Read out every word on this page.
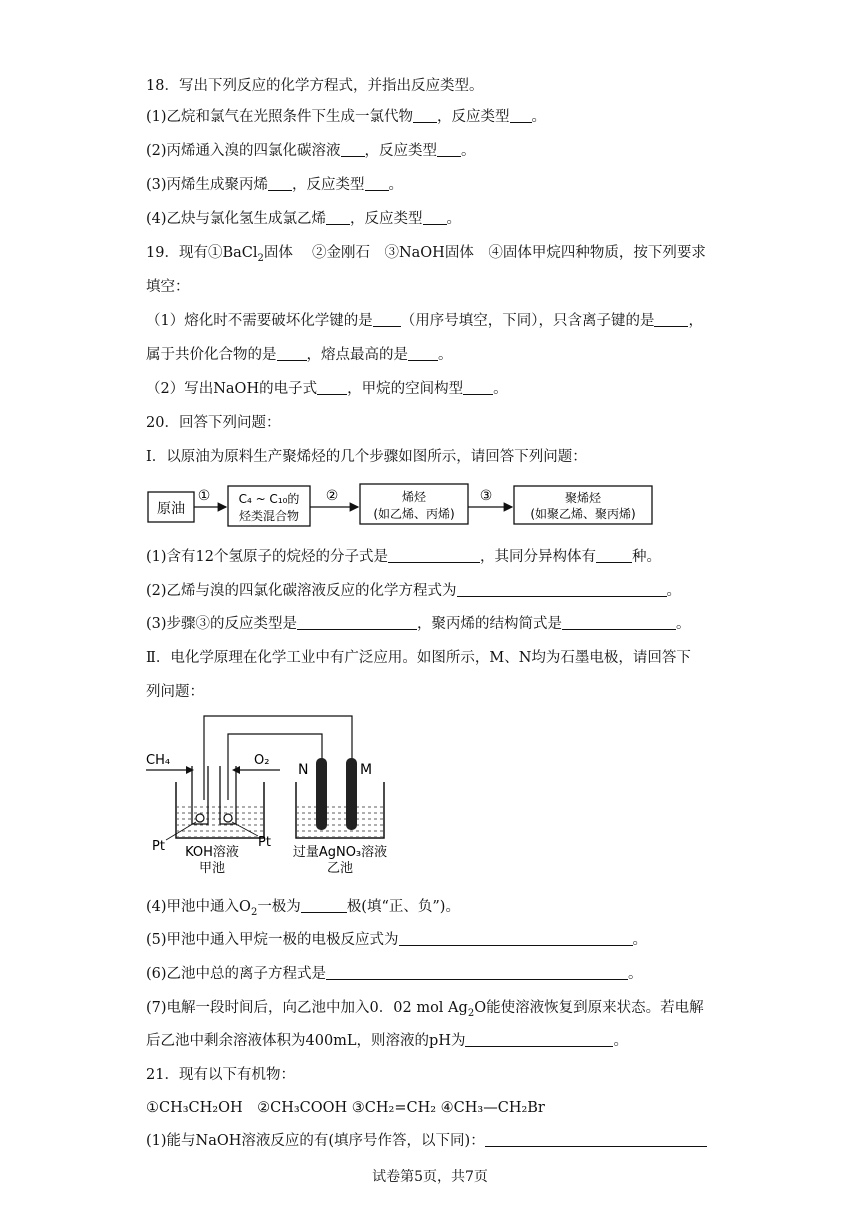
18．写出下列反应的化学方程式，并指出反应类型。
(1)乙烷和氯气在光照条件下生成一氯代物 ，反应类型 。
(2)丙烯通入溴的四氯化碳溶液 ，反应类型 。
(3)丙烯生成聚丙烯 ，反应类型 。
(4)乙炔与氯化氢生成氯乙烯 ，反应类型 。
19．现有①BaCl$_2$固体　 ②金刚石　③NaOH固体　④固体甲烷四种物质，按下列要求
填空：
（1）熔化时不需要破坏化学键的是 （用序号填空，下同），只含离子键的是 ，
属于共价化合物的是 ，熔点最高的是 。
（2）写出NaOH的电子式 ，甲烷的空间构型 。
20．回答下列问题：
Ⅰ．以原油为原料生产聚烯烃的几个步骤如图所示，请回答下列问题：
原油
① C₄ ~ C₁₀的
烃类混合物
②	烯烃
(如乙烯、丙烯)
③	聚烯烃
(如聚乙烯、聚丙烯)
(1)含有12个氢原子的烷烃的分子式是	，其同分异构体有 种。
(2)乙烯与溴的四氯化碳溶液反应的化学方程式为	。
(3)步骤③的反应类型是	，聚丙烯的结构简式是	。
Ⅱ．电化学原理在化学工业中有广泛应用。如图所示，M、N均为石墨电极，请回答下
列问题：
CH₄	O₂
Pt	Pt
KOH溶液
甲池
N	M
过量AgNO₃溶液
乙池
(4)甲池中通入$O_2$一极为	极(填“正、负”)。
(5)甲池中通入甲烷一极的电极反应式为	。
(6)乙池中总的离子方程式是	。
(7)电解一段时间后，向乙池中加入0．02 mol $Ag_2O$能使溶液恢复到原来状态。若电解
后乙池中剩余溶液体积为400mL，则溶液的pH为	。
21．现有以下有机物：
①CH₃CH₂OH　②CH₃COOH ③CH₂=CH₂ ④CH₃—CH₂Br
(1)能与NaOH溶液反应的有(填序号作答，以下同)：
试卷第5页，共7页
